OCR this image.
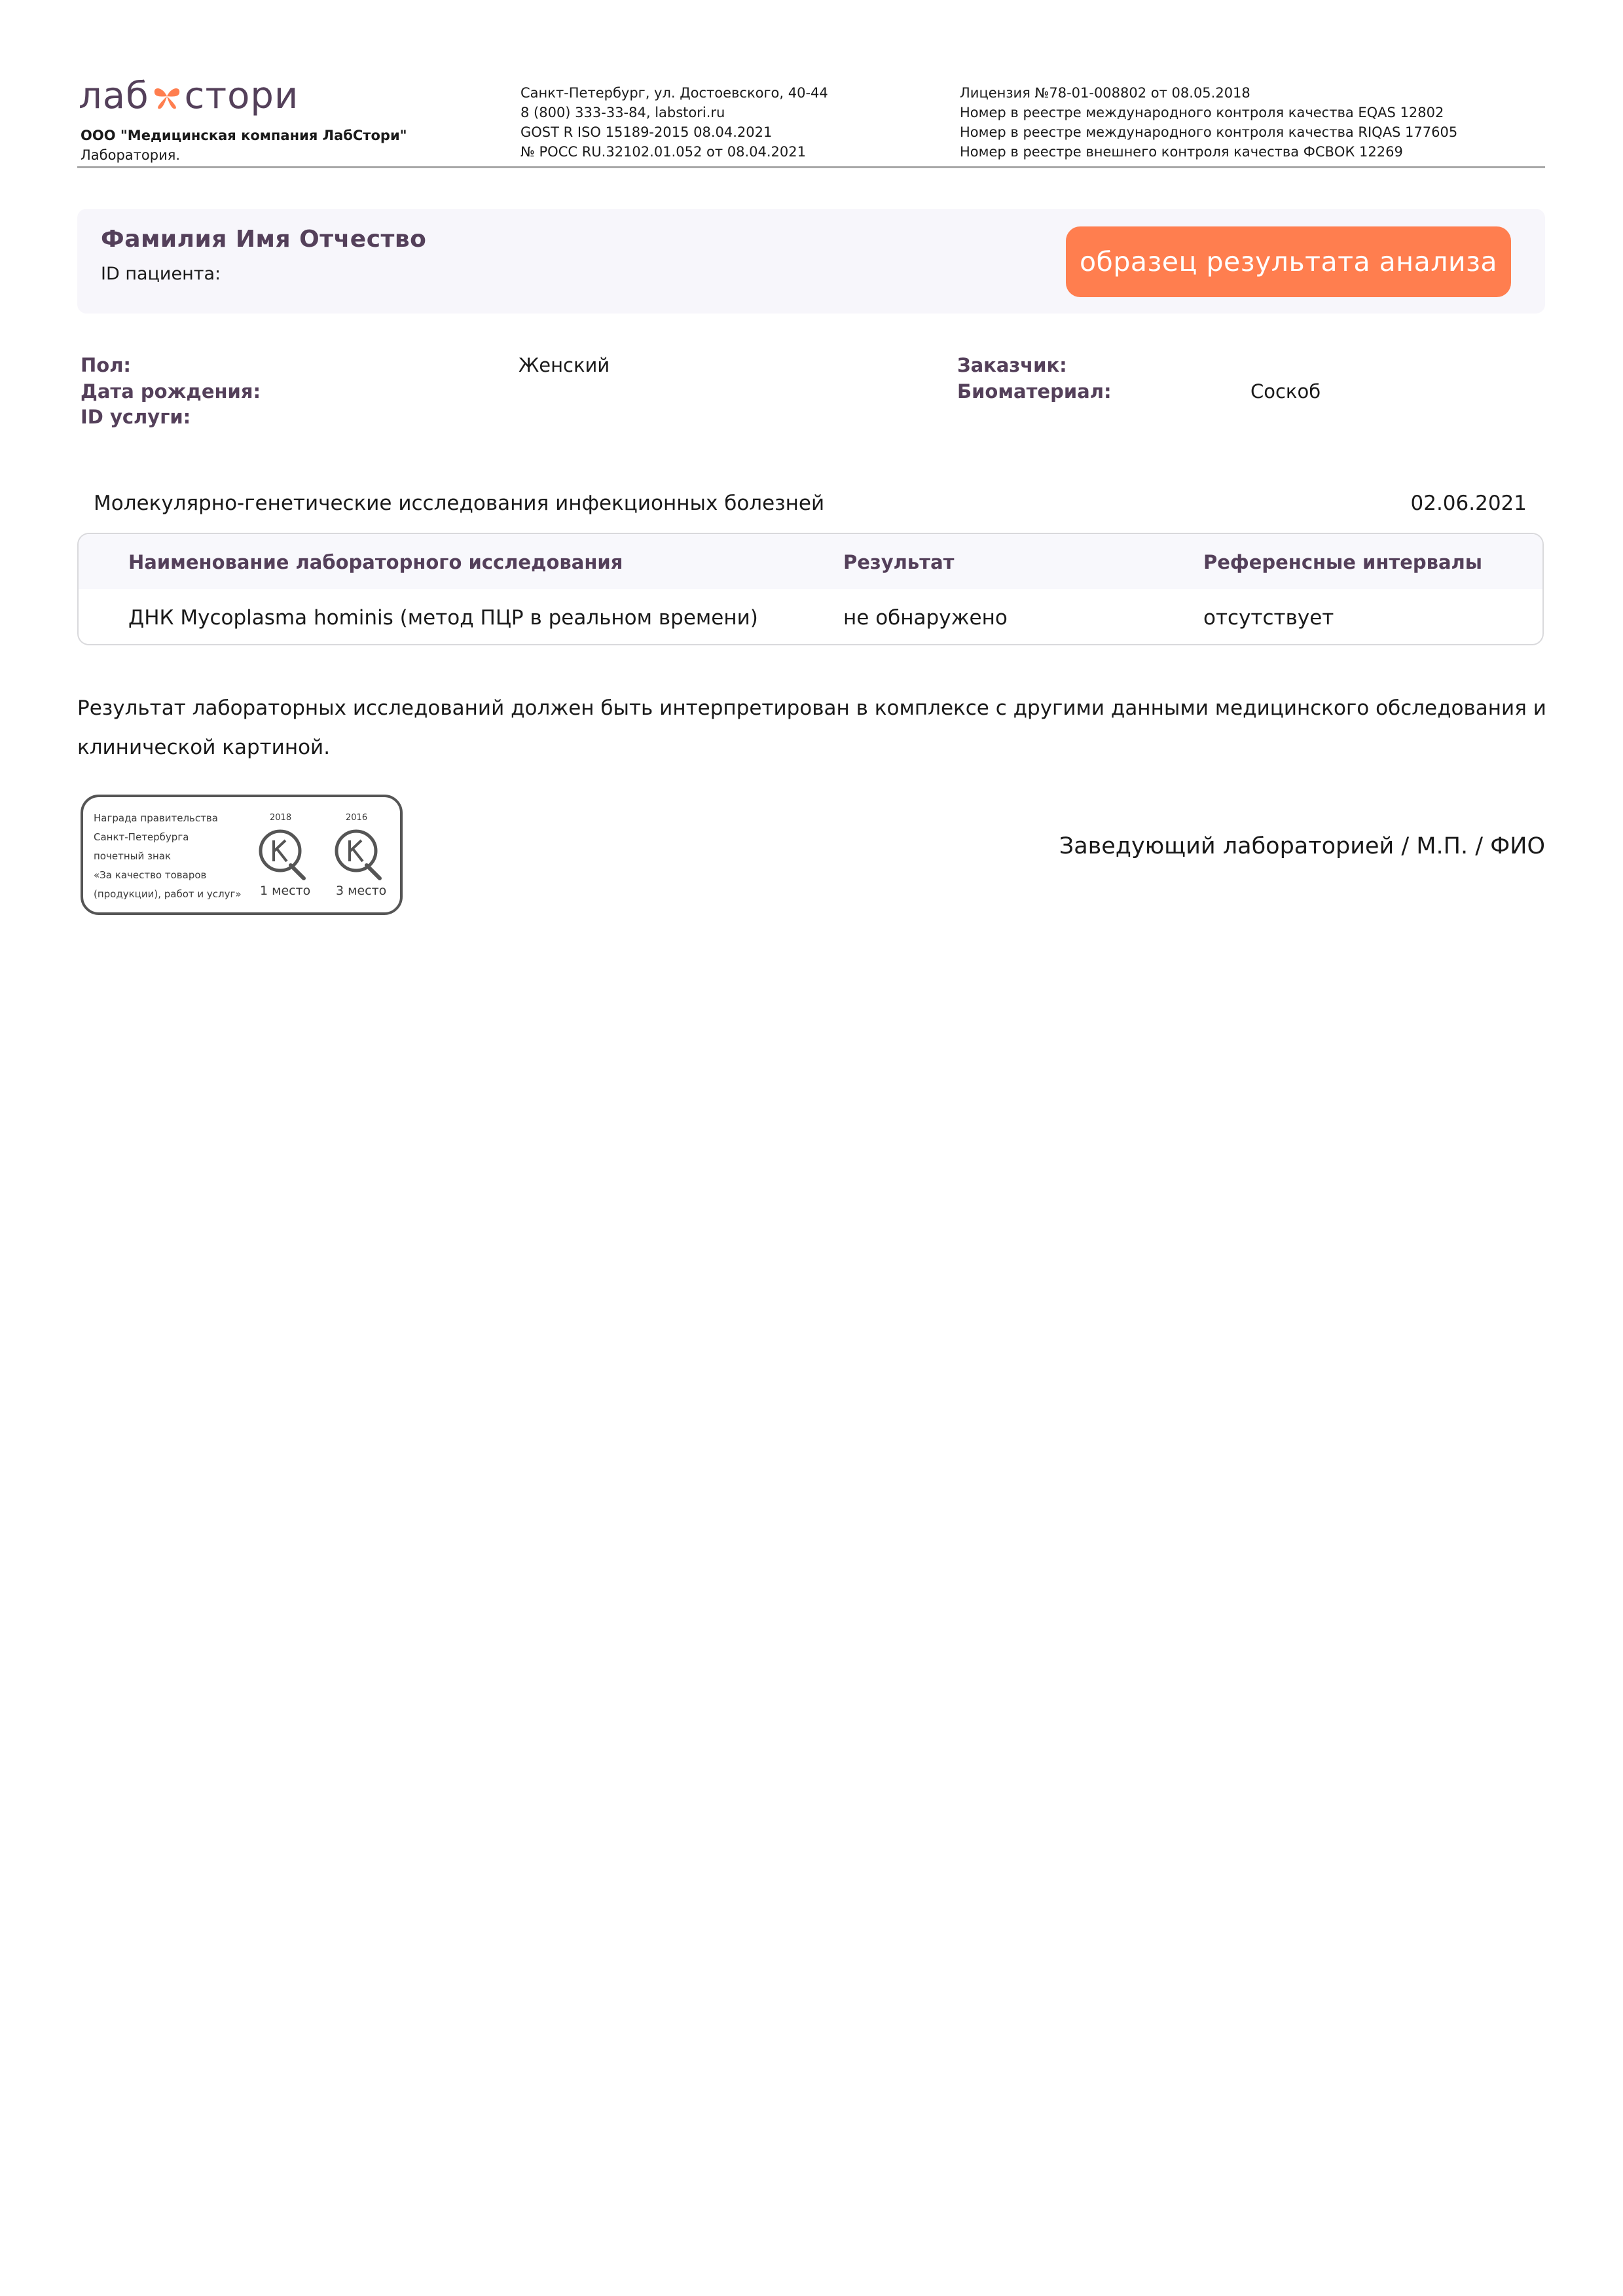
лаб стори
ООО "Медицинская компания ЛабСтори"
Лаборатория.
Санкт-Петербург, ул. Достоевского, 40-44
8 (800) 333-33-84, labstori.ru
GOST R ISO 15189-2015 08.04.2021
№ РОСС RU.32102.01.052 от 08.04.2021
Лицензия №78-01-008802 от 08.05.2018
Номер в реестре международного контроля качества EQAS 12802
Номер в реестре международного контроля качества RIQAS 177605
Номер в реестре внешнего контроля качества ФСВОК 12269
Фамилия Имя Отчество
ID пациента:	образец результата анализа
Пол:	Женский
Дата рождения:
ID услуги:
Заказчик:
Биоматериал:	Соскоб
Молекулярно-генетические исследования инфекционных болезней	02.06.2021
Наименование лабораторного исследования	Результат	Референсные интервалы
ДНК Mycoplasma hominis (метод ПЦР в реальном времени)	не обнаружено	отсутствует
Результат лабораторных исследований должен быть интерпретирован в комплексе с другими данными медицинского обследования и клинической картиной.
Награда правительства
Санкт-Петербурга
почетный знак
«За качество товаров
(продукции), работ и услуг»
2018
1 место
2016
3 место
Заведующий лабораторией / М.П. / ФИО
